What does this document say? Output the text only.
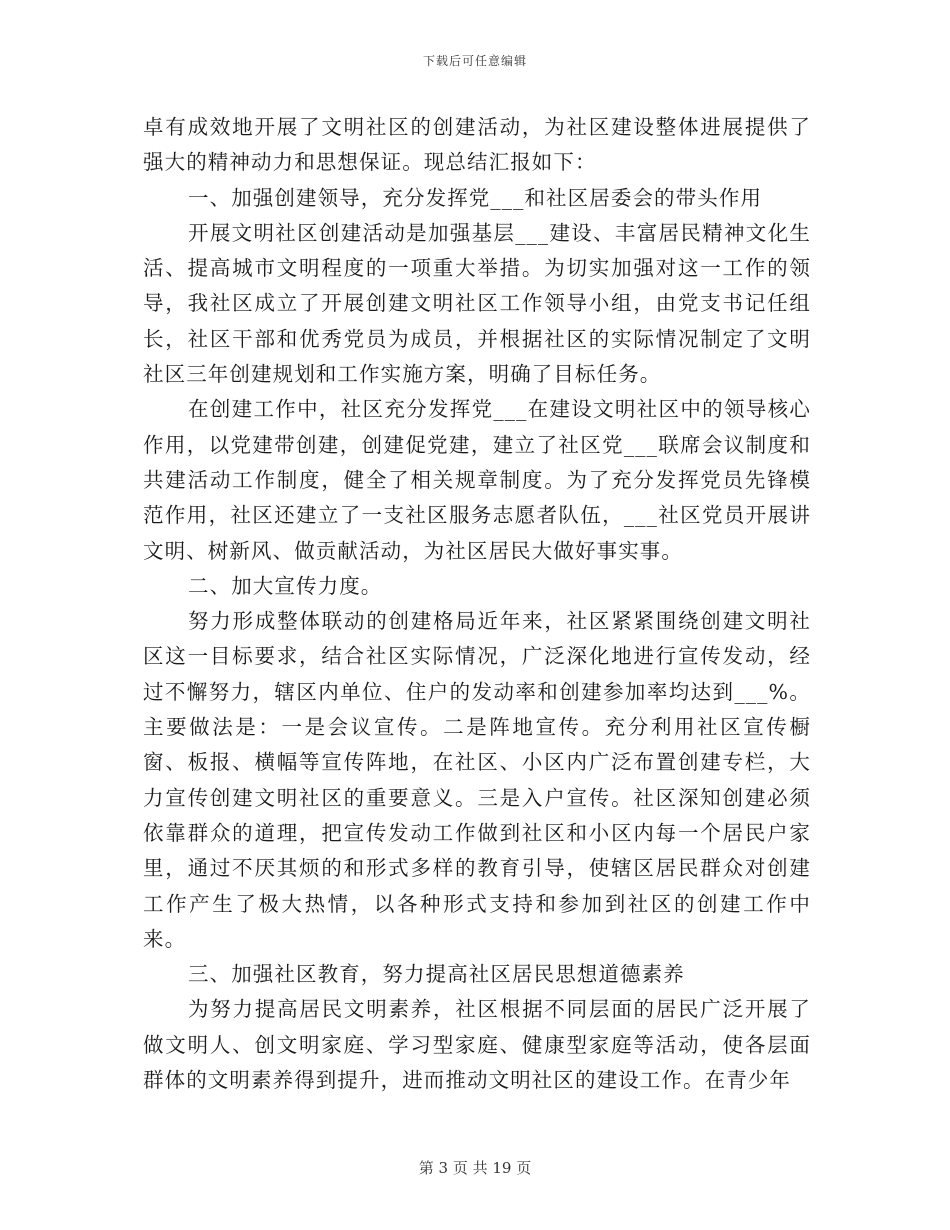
下载后可任意编辑

卓有成效地开展了文明社区的创建活动，为社区建设整体进展提供了强大的精神动力和思想保证。现总结汇报如下：

一、加强创建领导，充分发挥党___和社区居委会的带头作用

开展文明社区创建活动是加强基层___建设、丰富居民精神文化生活、提高城市文明程度的一项重大举措。为切实加强对这一工作的领导，我社区成立了开展创建文明社区工作领导小组，由党支书记任组长，社区干部和优秀党员为成员，并根据社区的实际情况制定了文明社区三年创建规划和工作实施方案，明确了目标任务。

在创建工作中，社区充分发挥党___在建设文明社区中的领导核心作用，以党建带创建，创建促党建，建立了社区党___联席会议制度和共建活动工作制度，健全了相关规章制度。为了充分发挥党员先锋模范作用，社区还建立了一支社区服务志愿者队伍，___社区党员开展讲文明、树新风、做贡献活动，为社区居民大做好事实事。

二、加大宣传力度。

努力形成整体联动的创建格局近年来，社区紧紧围绕创建文明社区这一目标要求，结合社区实际情况，广泛深化地进行宣传发动，经过不懈努力，辖区内单位、住户的发动率和创建参加率均达到___%。主要做法是：一是会议宣传。二是阵地宣传。充分利用社区宣传橱窗、板报、横幅等宣传阵地，在社区、小区内广泛布置创建专栏，大力宣传创建文明社区的重要意义。三是入户宣传。社区深知创建必须依靠群众的道理，把宣传发动工作做到社区和小区内每一个居民户家里，通过不厌其烦的和形式多样的教育引导，使辖区居民群众对创建工作产生了极大热情，以各种形式支持和参加到社区的创建工作中来。

三、加强社区教育，努力提高社区居民思想道德素养

为努力提高居民文明素养，社区根据不同层面的居民广泛开展了做文明人、创文明家庭、学习型家庭、健康型家庭等活动，使各层面群体的文明素养得到提升，进而推动文明社区的建设工作。在青少年

第 3 页 共 19 页
